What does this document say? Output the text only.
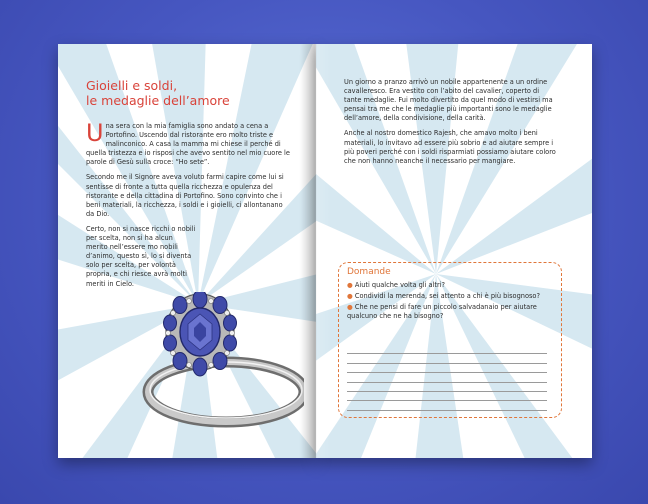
Gioielli e soldi,
le medaglie dell’amore

Una sera con la mia famiglia sono andato a cena a Portofino. Uscendo dal ristorante ero molto triste e malinconico. A casa la mamma mi chiese il perché di quella tristezza e io risposi che avevo sentito nel mio cuore le parole di Gesù sulla croce: “Ho sete”.

Secondo me il Signore aveva voluto farmi capire come lui si sentisse di fronte a tutta quella ricchezza e opulenza del ristorante e della cittadina di Portofino. Sono convinto che i beni materiali, la ricchezza, i soldi e i gioielli, ci allontanano da Dio.

Certo, non si nasce ricchi o nobili per scelta, non si ha alcun merito nell’essere mo nobili d’animo, questo sì, lo si diventa solo per scelta, per volontà propria, e chi riesce avrà molti meriti in Cielo.

Un giorno a pranzo arrivò un nobile appartenente a un ordine cavalleresco. Era vestito con l’abito del cavalier, coperto di tante medaglie. Fui molto divertito da quel modo di vestirsi ma pensai tra me che le medaglie più importanti sono le medaglie dell’amore, della condivisione, della carità.

Anche al nostro domestico Rajesh, che amavo molto i beni materiali, lo invitavo ad essere più sobrio e ad aiutare sempre i più poveri perché con i soldi risparmiati possiamo aiutare coloro che non hanno neanche il necessario per mangiare.

Domande
● Aiuti qualche volta gli altri?
● Condividi la merenda, sei attento a chi è più bisognoso?
● Che ne pensi di fare un piccolo salvadanaio per aiutare qualcuno che ne ha bisogno?
